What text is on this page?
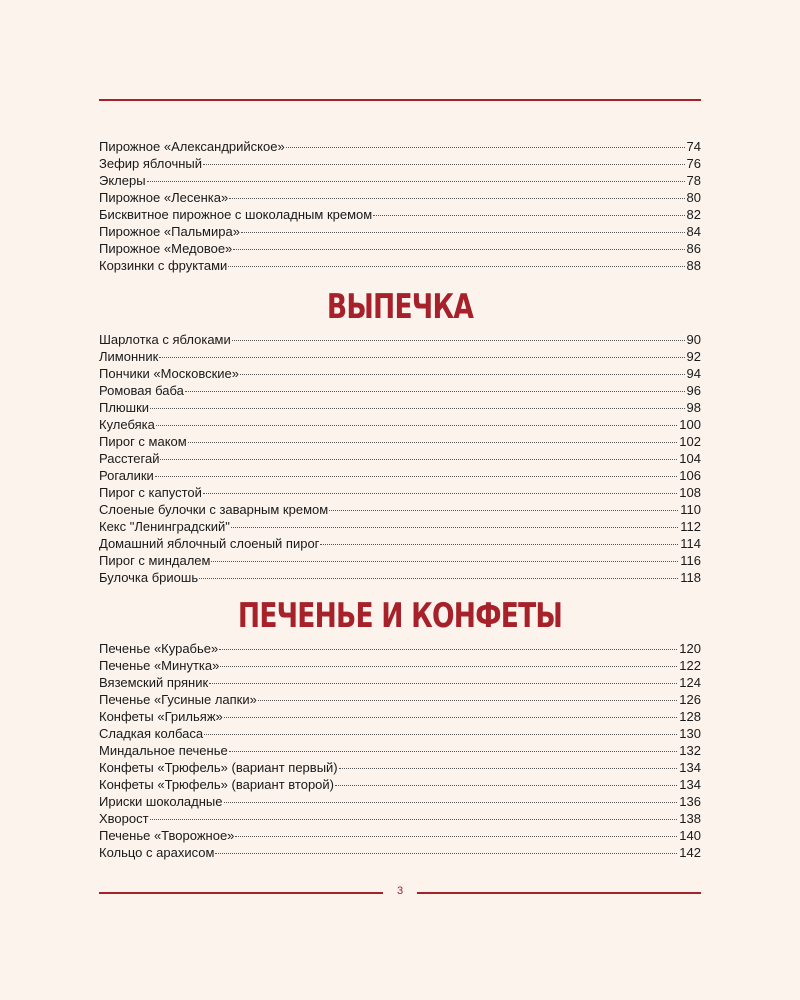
Пирожное «Александрийское»	74
Зефир яблочный	76
Эклеры	78
Пирожное «Лесенка»	80
Бисквитное пирожное с шоколадным кремом	82
Пирожное «Пальмира»	84
Пирожное «Медовое»	86
Корзинки с фруктами	88
ВЫПЕЧКА
Шарлотка с яблоками	90
Лимонник	92
Пончики «Московские»	94
Ромовая баба	96
Плюшки	98
Кулебяка	100
Пирог с маком	102
Расстегай	104
Рогалики	106
Пирог с капустой	108
Слоеные булочки с заварным кремом	110
Кекс "Ленинградский"	112
Домашний яблочный слоеный пирог	114
Пирог с миндалем	116
Булочка бриошь	118
ПЕЧЕНЬЕ И КОНФЕТЫ
Печенье «Курабье»	120
Печенье «Минутка»	122
Вяземский пряник	124
Печенье «Гусиные лапки»	126
Конфеты «Грильяж»	128
Сладкая колбаса	130
Миндальное печенье	132
Конфеты «Трюфель» (вариант первый)	134
Конфеты «Трюфель» (вариант второй)	134
Ириски шоколадные	136
Хворост	138
Печенье «Творожное»	140
Кольцо с арахисом	142
3
